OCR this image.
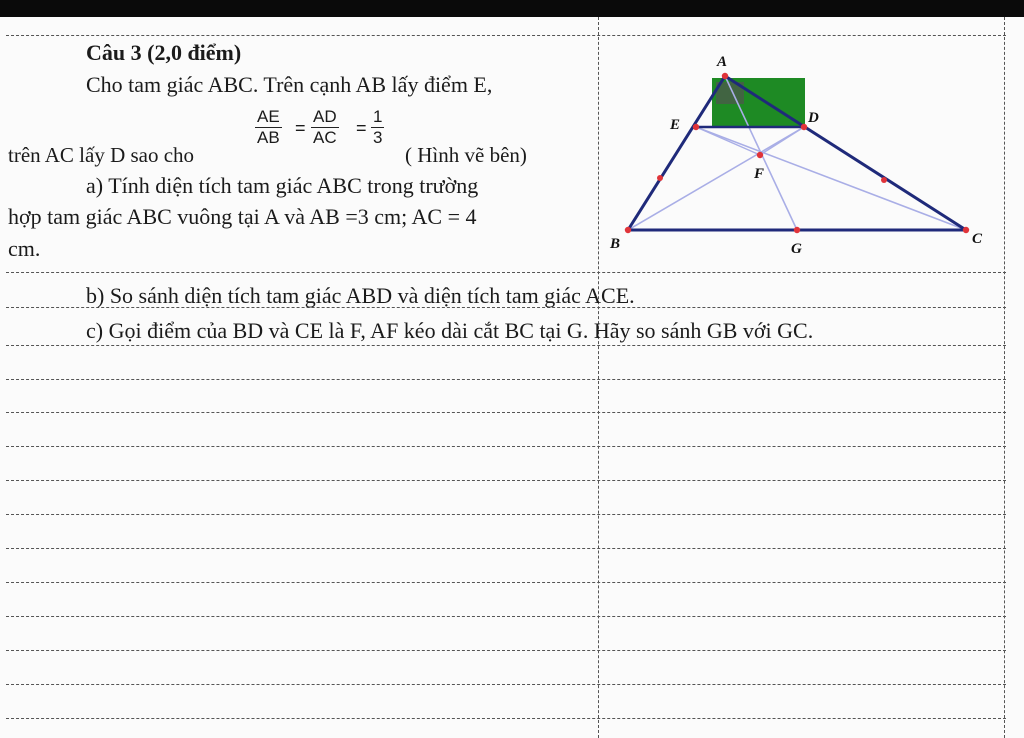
Câu 3 (2,0 điểm)
Cho tam giác ABC. Trên cạnh AB lấy điểm E,
trên AC lấy D sao cho
$\frac{AE}{AB} = \frac{AD}{AC} = \frac{1}{3}$
( Hình vẽ bên)
a) Tính diện tích tam giác ABC trong trường
hợp tam giác ABC vuông tại A và AB =3 cm; AC = 4
cm.
b) So sánh diện tích tam giác ABD và diện tích tam giác ACE.
c) Gọi điểm của BD và CE là F, AF kéo dài cắt BC tại G. Hãy so sánh GB với GC.
A
B	C
D
E
F
G
